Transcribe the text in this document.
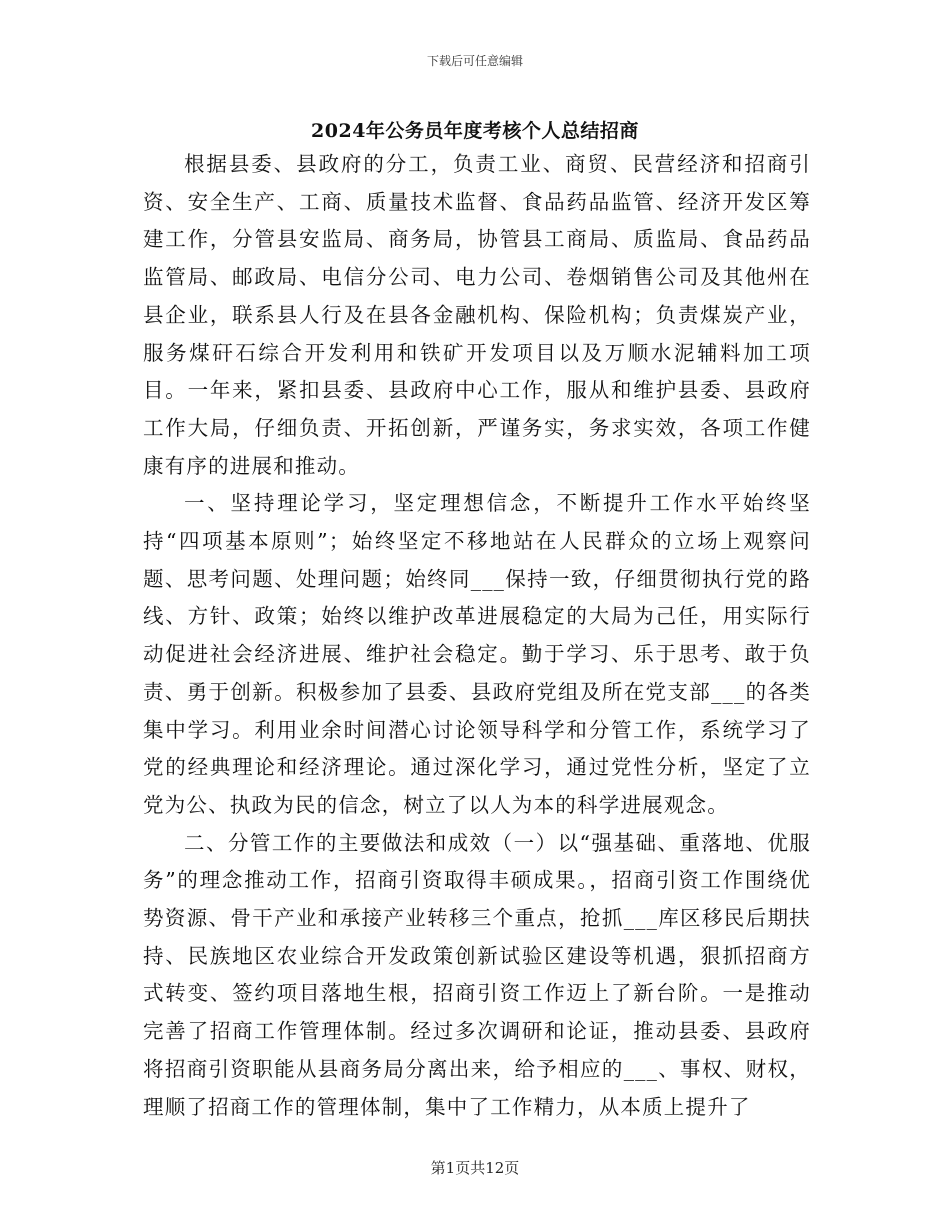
下载后可任意编辑
2024年公务员年度考核个人总结招商

根据县委、县政府的分工，负责工业、商贸、民营经济和招商引资、安全生产、工商、质量技术监督、食品药品监管、经济开发区筹建工作，分管县安监局、商务局，协管县工商局、质监局、食品药品监管局、邮政局、电信分公司、电力公司、卷烟销售公司及其他州在县企业，联系县人行及在县各金融机构、保险机构；负责煤炭产业，服务煤矸石综合开发利用和铁矿开发项目以及万顺水泥辅料加工项目。一年来，紧扣县委、县政府中心工作，服从和维护县委、县政府工作大局，仔细负责、开拓创新，严谨务实，务求实效，各项工作健康有序的进展和推动。

一、坚持理论学习，坚定理想信念，不断提升工作水平始终坚持“四项基本原则”；始终坚定不移地站在人民群众的立场上观察问题、思考问题、处理问题；始终同___保持一致，仔细贯彻执行党的路线、方针、政策；始终以维护改革进展稳定的大局为己任，用实际行动促进社会经济进展、维护社会稳定。勤于学习、乐于思考、敢于负责、勇于创新。积极参加了县委、县政府党组及所在党支部___的各类集中学习。利用业余时间潜心讨论领导科学和分管工作，系统学习了党的经典理论和经济理论。通过深化学习，通过党性分析，坚定了立党为公、执政为民的信念，树立了以人为本的科学进展观念。

二、分管工作的主要做法和成效（一）以“强基础、重落地、优服务”的理念推动工作，招商引资取得丰硕成果。，招商引资工作围绕优势资源、骨干产业和承接产业转移三个重点，抢抓___库区移民后期扶持、民族地区农业综合开发政策创新试验区建设等机遇，狠抓招商方式转变、签约项目落地生根，招商引资工作迈上了新台阶。一是推动完善了招商工作管理体制。经过多次调研和论证，推动县委、县政府将招商引资职能从县商务局分离出来，给予相应的___、事权、财权，理顺了招商工作的管理体制，集中了工作精力，从本质上提升了

第1页共12页
